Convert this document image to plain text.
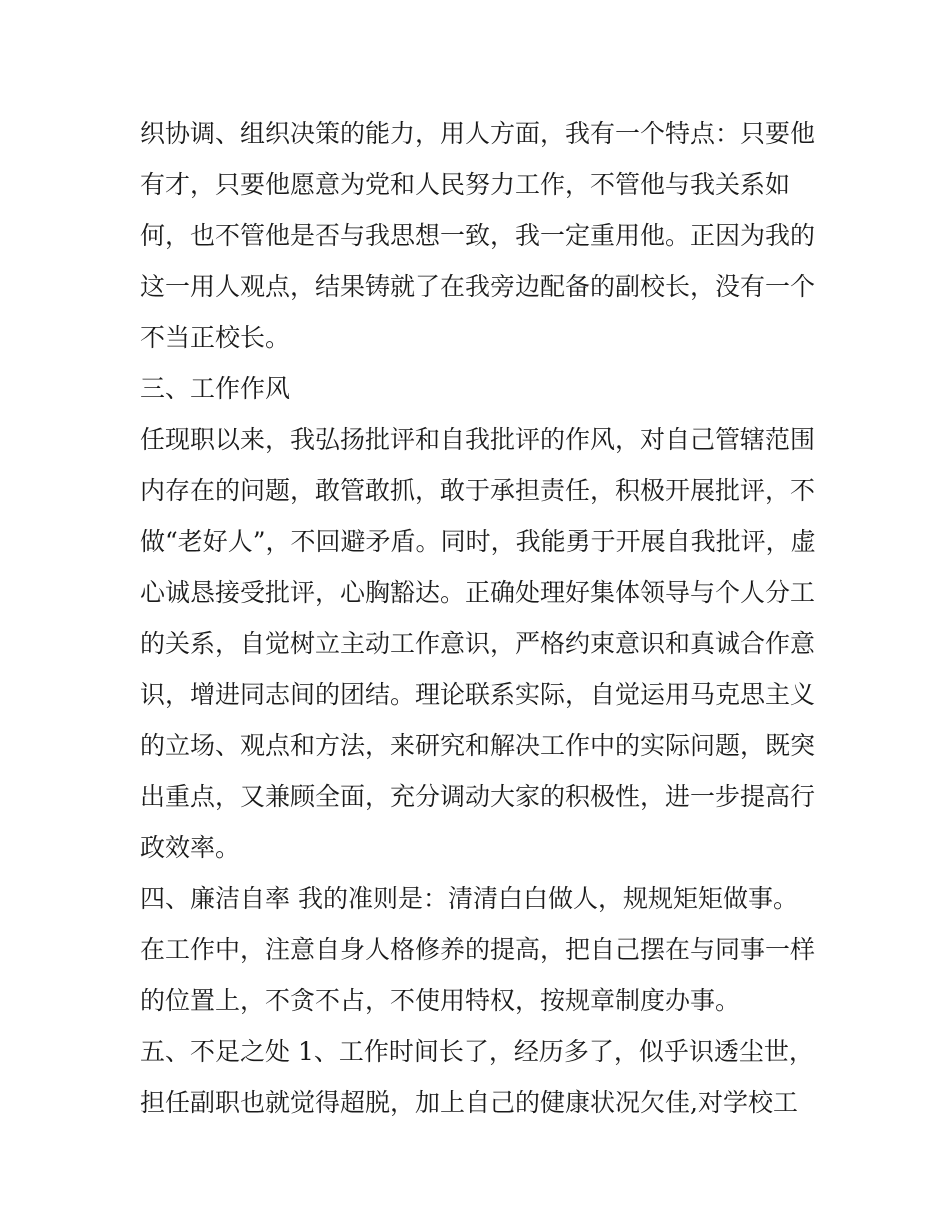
织协调、组织决策的能力，用人方面，我有一个特点：只要他
有才，只要他愿意为党和人民努力工作，不管他与我关系如
何，也不管他是否与我思想一致，我一定重用他。正因为我的
这一用人观点，结果铸就了在我旁边配备的副校长，没有一个
不当正校长。
三、工作作风
任现职以来，我弘扬批评和自我批评的作风，对自己管辖范围
内存在的问题，敢管敢抓，敢于承担责任，积极开展批评，不
做“老好人”，不回避矛盾。同时，我能勇于开展自我批评，虚
心诚恳接受批评，心胸豁达。正确处理好集体领导与个人分工
的关系，自觉树立主动工作意识，严格约束意识和真诚合作意
识，增进同志间的团结。理论联系实际，自觉运用马克思主义
的立场、观点和方法，来研究和解决工作中的实际问题，既突
出重点，又兼顾全面，充分调动大家的积极性，进一步提高行
政效率。
四、廉洁自率 我的准则是：清清白白做人，规规矩矩做事。
在工作中，注意自身人格修养的提高，把自己摆在与同事一样
的位置上，不贪不占，不使用特权，按规章制度办事。
五、不足之处 1、工作时间长了，经历多了，似乎识透尘世，
担任副职也就觉得超脱，加上自己的健康状况欠佳,对学校工
